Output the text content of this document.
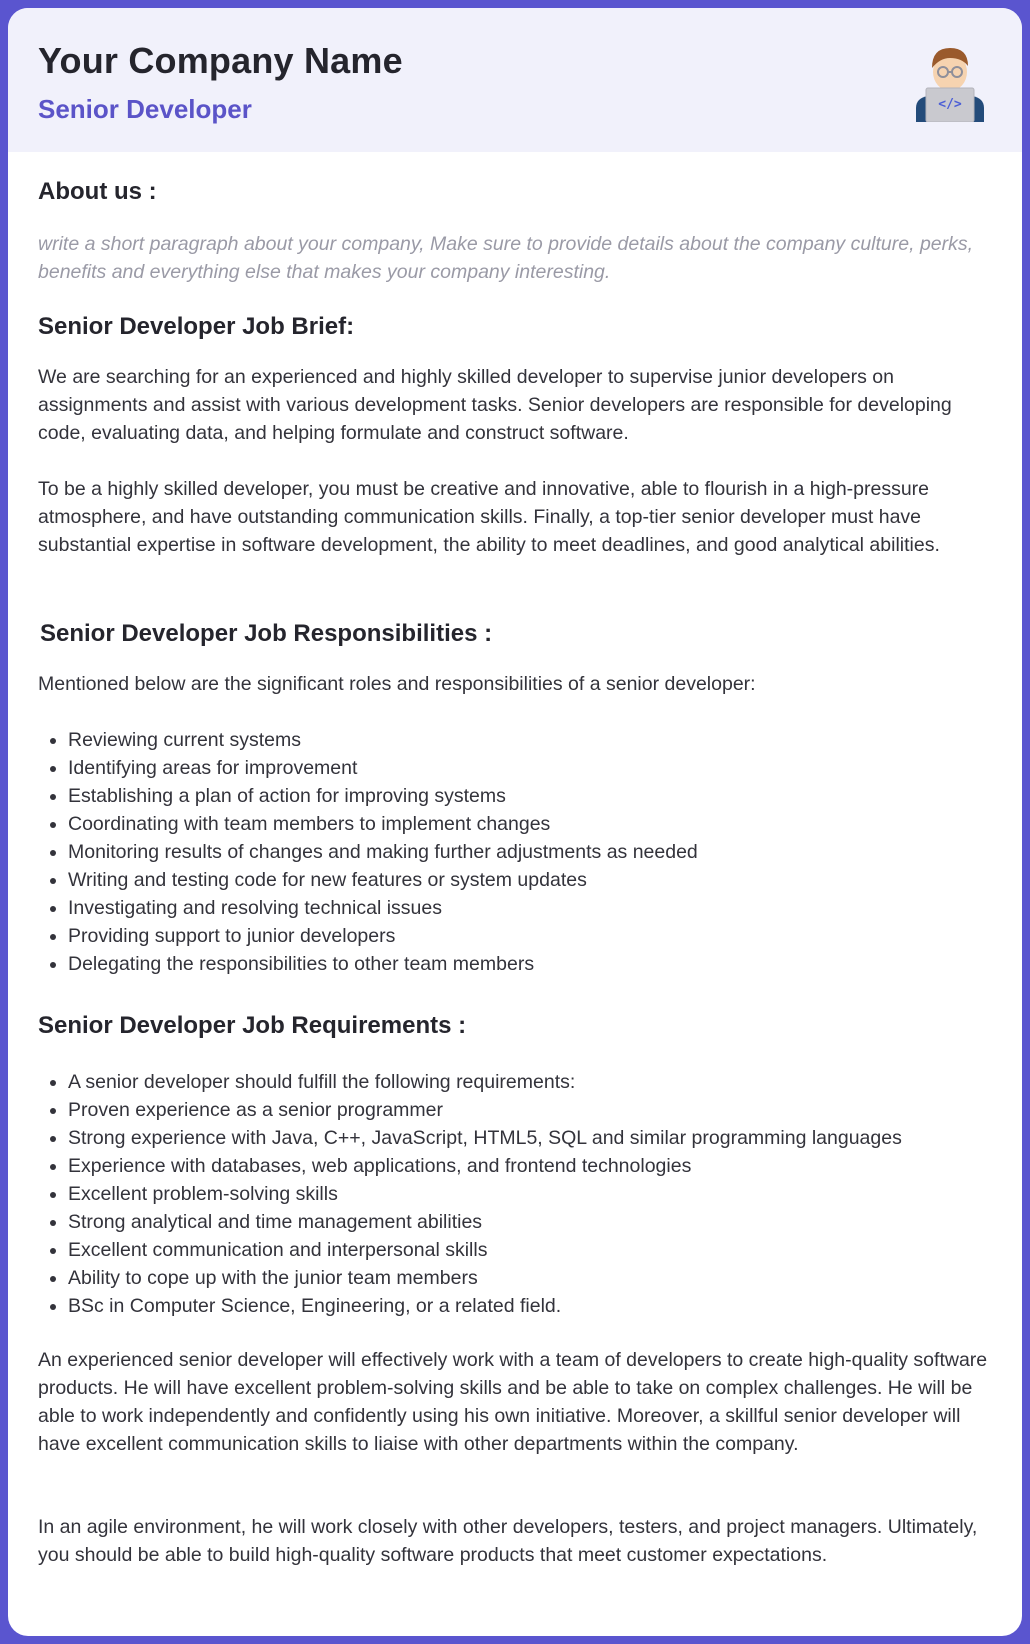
Your Company Name
Senior Developer	</>
About us :

write a short paragraph about your company, Make sure to provide details about the company culture, perks, benefits and everything else that makes your company interesting.

Senior Developer Job Brief:

We are searching for an experienced and highly skilled developer to supervise junior developers on assignments and assist with various development tasks. Senior developers are responsible for developing code, evaluating data, and helping formulate and construct software.

To be a highly skilled developer, you must be creative and innovative, able to flourish in a high-pressure atmosphere, and have outstanding communication skills. Finally, a top-tier senior developer must have substantial expertise in software development, the ability to meet deadlines, and good analytical abilities.

Senior Developer Job Responsibilities :

Mentioned below are the significant roles and responsibilities of a senior developer:

• Reviewing current systems
• Identifying areas for improvement
• Establishing a plan of action for improving systems
• Coordinating with team members to implement changes
• Monitoring results of changes and making further adjustments as needed
• Writing and testing code for new features or system updates
• Investigating and resolving technical issues
• Providing support to junior developers
• Delegating the responsibilities to other team members
Senior Developer Job Requirements :
• A senior developer should fulfill the following requirements:
• Proven experience as a senior programmer
• Strong experience with Java, C++, JavaScript, HTML5, SQL and similar programming languages
• Experience with databases, web applications, and frontend technologies
• Excellent problem-solving skills
• Strong analytical and time management abilities
• Excellent communication and interpersonal skills
• Ability to cope up with the junior team members
• BSc in Computer Science, Engineering, or a related field.

An experienced senior developer will effectively work with a team of developers to create high-quality software products. He will have excellent problem-solving skills and be able to take on complex challenges. He will be able to work independently and confidently using his own initiative. Moreover, a skillful senior developer will have excellent communication skills to liaise with other departments within the company.

In an agile environment, he will work closely with other developers, testers, and project managers. Ultimately, you should be able to build high-quality software products that meet customer expectations.
